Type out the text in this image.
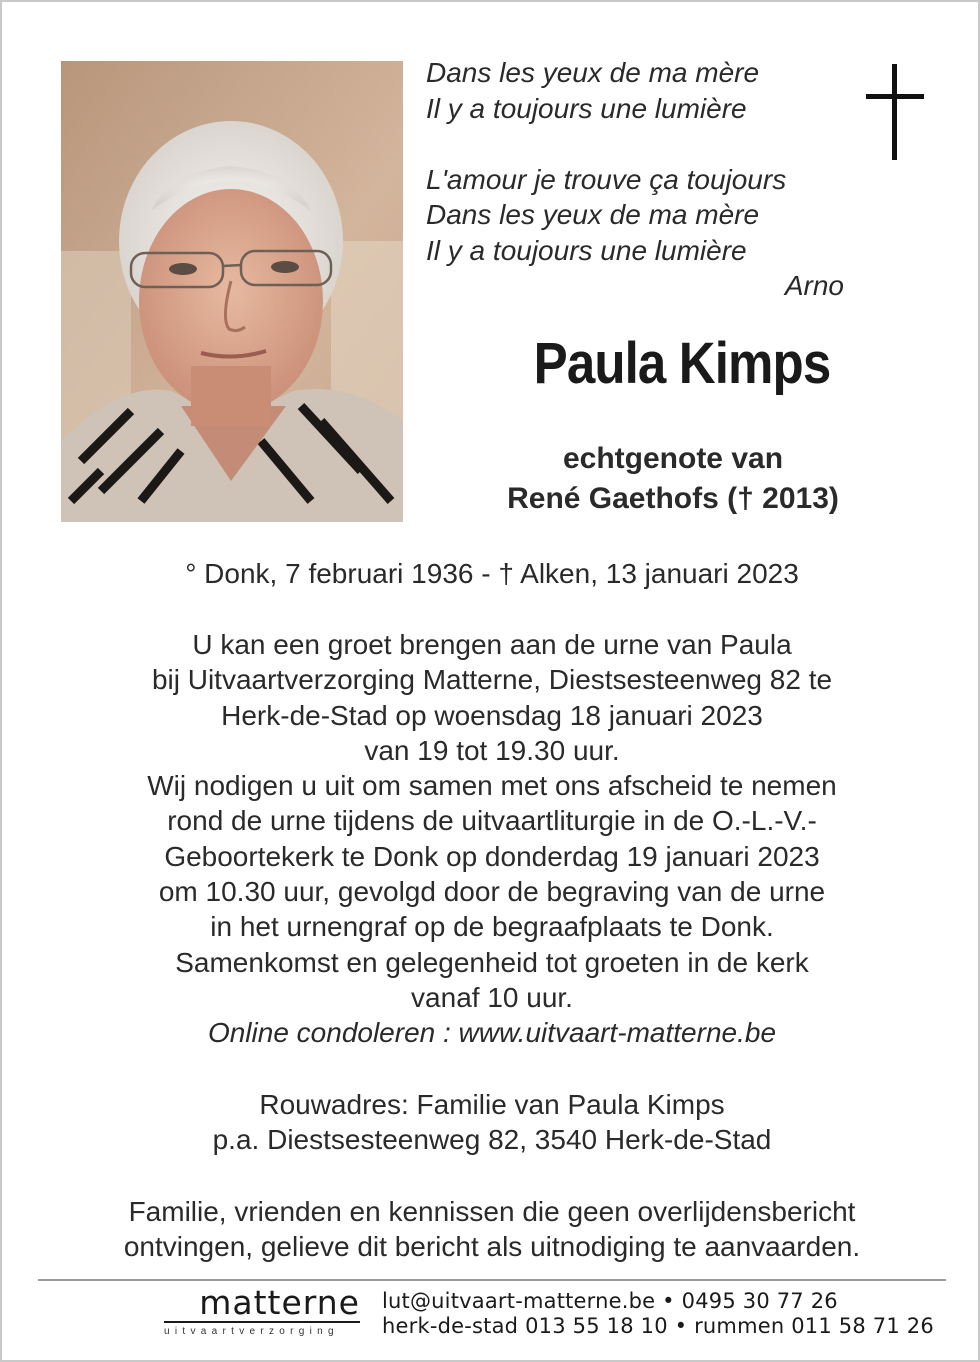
Dans les yeux de ma mère
Il y a toujours une lumière
L'amour je trouve ça toujours
Dans les yeux de ma mère
Il y a toujours une lumière
Arno
Paula Kimps
echtgenote van
René Gaethofs († 2013)
° Donk, 7 februari 1936 - † Alken, 13 januari 2023
U kan een groet brengen aan de urne van Paula
bij Uitvaartverzorging Matterne, Diestsesteenweg 82 te
Herk-de-Stad op woensdag 18 januari 2023
van 19 tot 19.30 uur.
Wij nodigen u uit om samen met ons afscheid te nemen
rond de urne tijdens de uitvaartliturgie in de O.-L.-V.-
Geboortekerk te Donk op donderdag 19 januari 2023
om 10.30 uur, gevolgd door de begraving van de urne
in het urnengraf op de begraafplaats te Donk.
Samenkomst en gelegenheid tot groeten in de kerk
vanaf 10 uur.
Online condoleren : www.uitvaart-matterne.be
Rouwadres: Familie van Paula Kimps
p.a. Diestsesteenweg 82, 3540 Herk-de-Stad
Familie, vrienden en kennissen die geen overlijdensbericht
ontvingen, gelieve dit bericht als uitnodiging te aanvaarden.
matterne
uitvaartverzorging
lut@uitvaart-matterne.be • 0495 30 77 26
herk-de-stad 013 55 18 10 • rummen 011 58 71 26
